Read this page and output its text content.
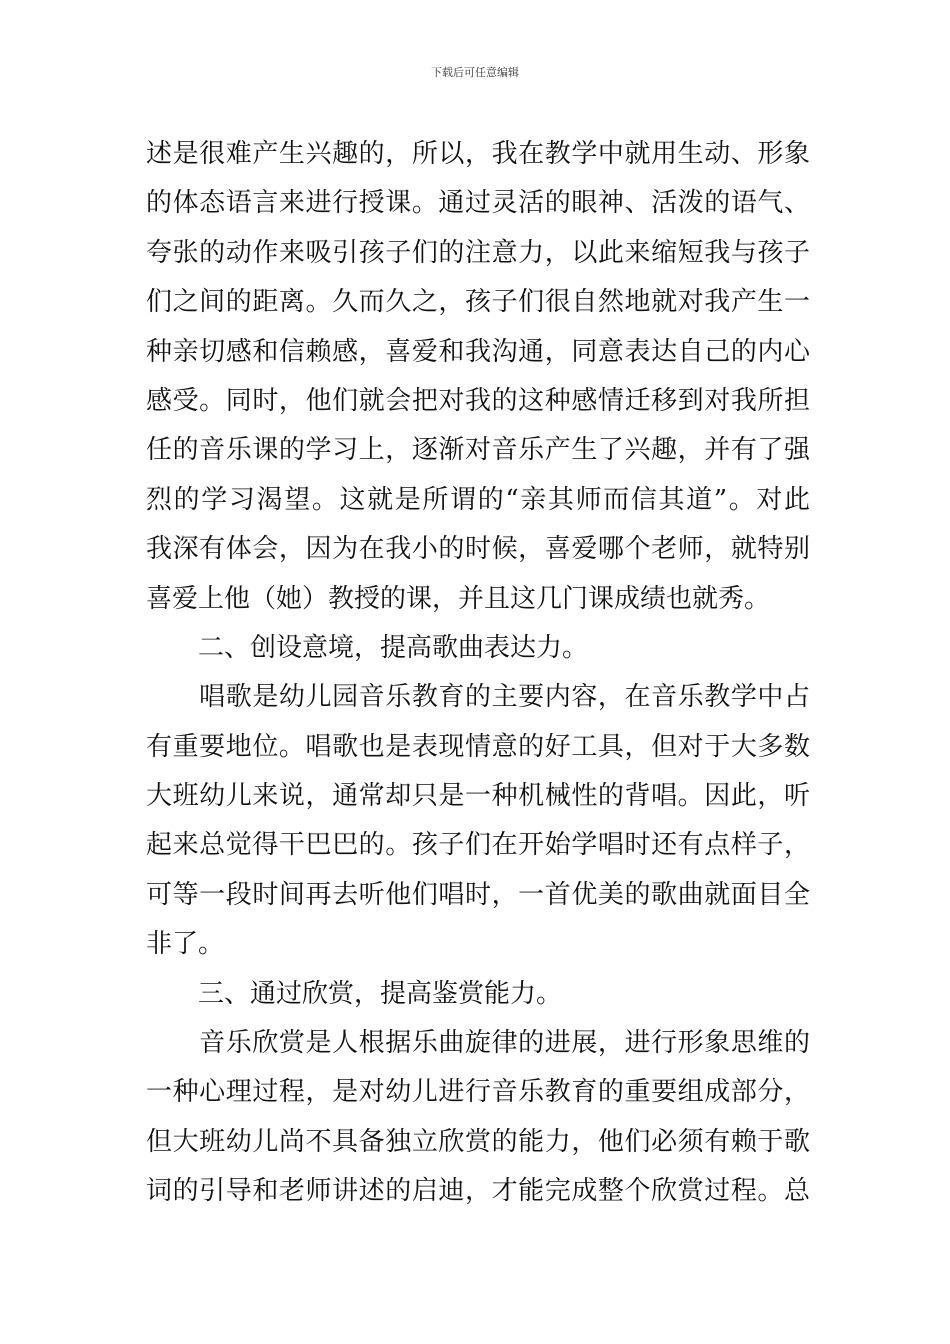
下载后可任意编辑
述是很难产生兴趣的，所以，我在教学中就用生动、形象
的体态语言来进行授课。通过灵活的眼神、活泼的语气、
夸张的动作来吸引孩子们的注意力，以此来缩短我与孩子
们之间的距离。久而久之，孩子们很自然地就对我产生一
种亲切感和信赖感，喜爱和我沟通，同意表达自己的内心
感受。同时，他们就会把对我的这种感情迁移到对我所担
任的音乐课的学习上，逐渐对音乐产生了兴趣，并有了强
烈的学习渴望。这就是所谓的“亲其师而信其道”。对此
我深有体会，因为在我小的时候，喜爱哪个老师，就特别
喜爱上他（她）教授的课，并且这几门课成绩也就秀。
　　二、创设意境，提高歌曲表达力。
　　唱歌是幼儿园音乐教育的主要内容，在音乐教学中占
有重要地位。唱歌也是表现情意的好工具，但对于大多数
大班幼儿来说，通常却只是一种机械性的背唱。因此，听
起来总觉得干巴巴的。孩子们在开始学唱时还有点样子，
可等一段时间再去听他们唱时，一首优美的歌曲就面目全
非了。
　　三、通过欣赏，提高鉴赏能力。
　　音乐欣赏是人根据乐曲旋律的进展，进行形象思维的
一种心理过程，是对幼儿进行音乐教育的重要组成部分，
但大班幼儿尚不具备独立欣赏的能力，他们必须有赖于歌
词的引导和老师讲述的启迪，才能完成整个欣赏过程。总
